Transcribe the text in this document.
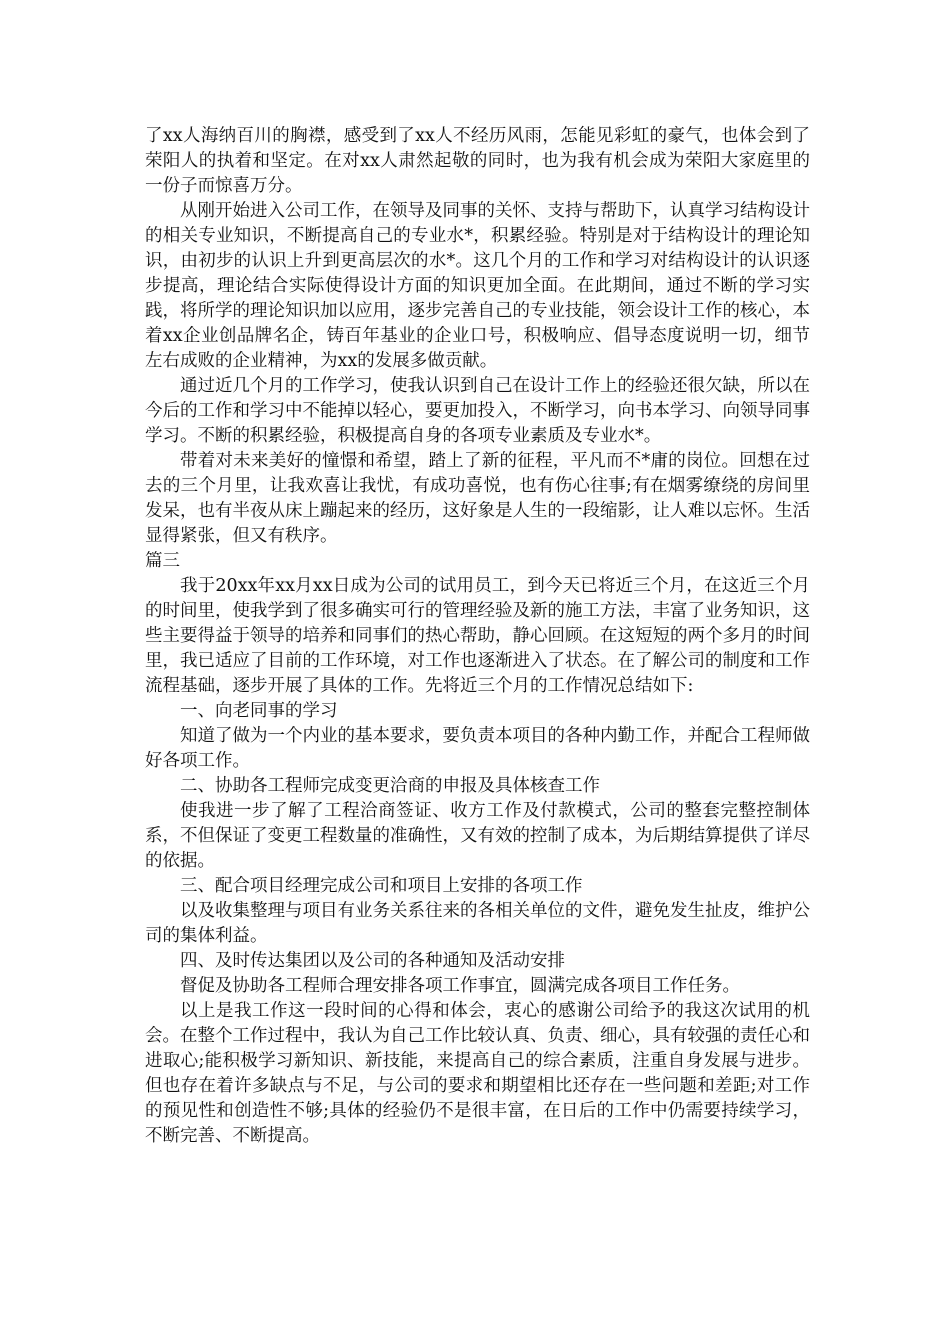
了xx人海纳百川的胸襟，感受到了xx人不经历风雨，怎能见彩虹的豪气，也体会到了荣阳人的执着和坚定。在对xx人肃然起敬的同时，也为我有机会成为荣阳大家庭里的一份子而惊喜万分。

从刚开始进入公司工作，在领导及同事的关怀、支持与帮助下，认真学习结构设计的相关专业知识，不断提高自己的专业水*，积累经验。特别是对于结构设计的理论知识，由初步的认识上升到更高层次的水*。这几个月的工作和学习对结构设计的认识逐步提高，理论结合实际使得设计方面的知识更加全面。在此期间，通过不断的学习实践，将所学的理论知识加以应用，逐步完善自己的专业技能，领会设计工作的核心，本着xx企业创品牌名企，铸百年基业的企业口号，积极响应、倡导态度说明一切，细节左右成败的企业精神，为xx的发展多做贡献。

通过近几个月的工作学习，使我认识到自己在设计工作上的经验还很欠缺，所以在今后的工作和学习中不能掉以轻心，要更加投入，不断学习，向书本学习、向领导同事学习。不断的积累经验，积极提高自身的各项专业素质及专业水*。

带着对未来美好的憧憬和希望，踏上了新的征程，平凡而不*庸的岗位。回想在过去的三个月里，让我欢喜让我忧，有成功喜悦，也有伤心往事;有在烟雾缭绕的房间里发呆，也有半夜从床上蹦起来的经历，这好象是人生的一段缩影，让人难以忘怀。生活显得紧张，但又有秩序。

篇三

我于20xx年xx月xx日成为公司的试用员工，到今天已将近三个月，在这近三个月的时间里，使我学到了很多确实可行的管理经验及新的施工方法，丰富了业务知识，这些主要得益于领导的培养和同事们的热心帮助，静心回顾。在这短短的两个多月的时间里，我已适应了目前的工作环境，对工作也逐渐进入了状态。在了解公司的制度和工作流程基础，逐步开展了具体的工作。先将近三个月的工作情况总结如下:

一、向老同事的学习

知道了做为一个内业的基本要求，要负责本项目的各种内勤工作，并配合工程师做好各项工作。

二、协助各工程师完成变更洽商的申报及具体核查工作

使我进一步了解了工程洽商签证、收方工作及付款模式，公司的整套完整控制体系，不但保证了变更工程数量的准确性，又有效的控制了成本，为后期结算提供了详尽的依据。

三、配合项目经理完成公司和项目上安排的各项工作

以及收集整理与项目有业务关系往来的各相关单位的文件，避免发生扯皮，维护公司的集体利益。

四、及时传达集团以及公司的各种通知及活动安排

督促及协助各工程师合理安排各项工作事宜，圆满完成各项目工作任务。

以上是我工作这一段时间的心得和体会，衷心的感谢公司给予的我这次试用的机会。在整个工作过程中，我认为自己工作比较认真、负责、细心，具有较强的责任心和进取心;能积极学习新知识、新技能，来提高自己的综合素质，注重自身发展与进步。但也存在着许多缺点与不足，与公司的要求和期望相比还存在一些问题和差距;对工作的预见性和创造性不够;具体的经验仍不是很丰富，在日后的工作中仍需要持续学习，不断完善、不断提高。
